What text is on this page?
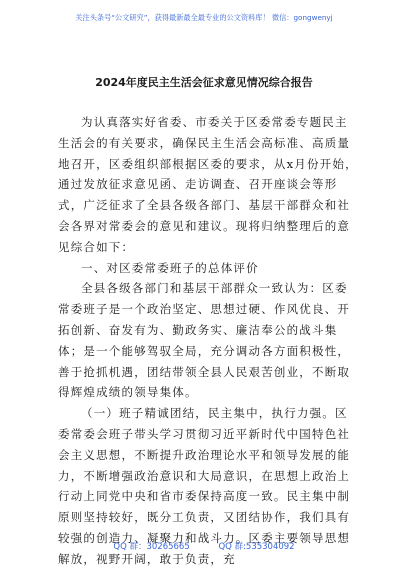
关注头条号“公文研究”，获得最新最全最专业的公文资料库！ 微信：gongwenyj
2024年度民主生活会征求意见情况综合报告

为认真落实好省委、市委关于区委常委专题民主生活会的有关要求，确保民主生活会高标准、高质量地召开，区委组织部根据区委的要求，从x月份开始，通过发放征求意见函、走访调查、召开座谈会等形式，广泛征求了全县各级各部门、基层干部群众和社会各界对常委会的意见和建议。现将归纳整理后的意见综合如下：

一、对区委常委班子的总体评价

全县各级各部门和基层干部群众一致认为：区委常委班子是一个政治坚定、思想过硬、作风优良、开拓创新、奋发有为、勤政务实、廉洁奉公的战斗集体；是一个能够驾驭全局，充分调动各方面积极性，善于抢抓机遇，团结带领全县人民艰苦创业，不断取得辉煌成绩的领导集体。

（一）班子精诚团结，民主集中，执行力强。区委常委会班子带头学习贯彻习近平新时代中国特色社会主义思想，不断提升政治理论水平和领导发展的能力，不断增强政治意识和大局意识，在思想上政治上行动上同党中央和省市委保持高度一致。民主集中制原则坚持较好，既分工负责，又团结协作，我们具有较强的创造力、凝聚力和战斗力。区委主要领导思想解放，视野开阔，敢于负责，充

QQ 群：30265665	QQ 群:535304092
